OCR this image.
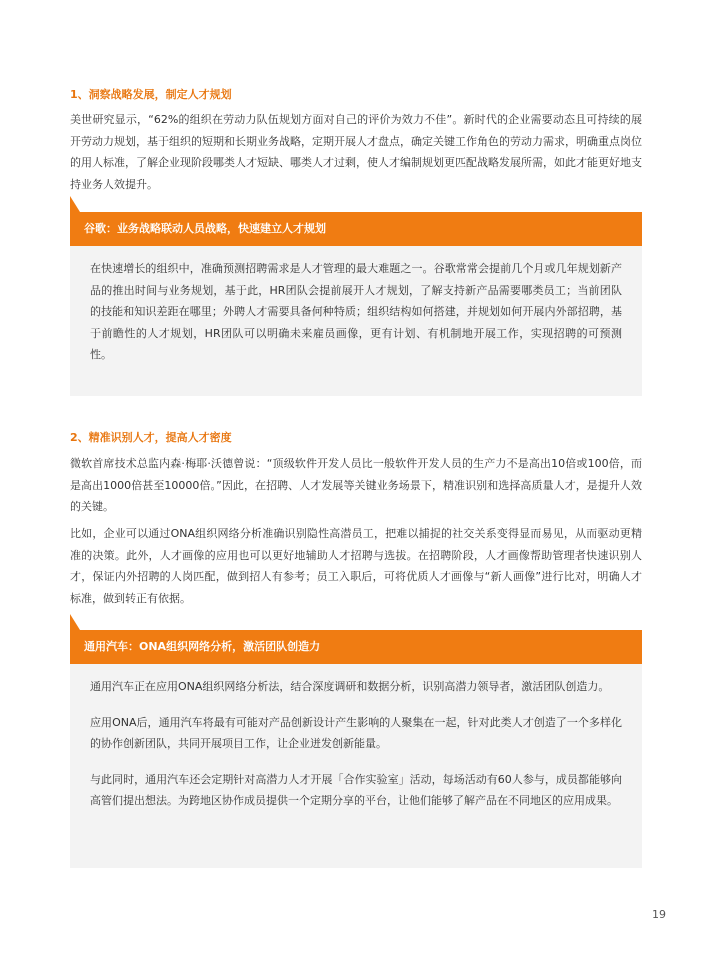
1、洞察战略发展，制定人才规划

美世研究显示，“62%的组织在劳动力队伍规划方面对自己的评价为效力不佳”。新时代的企业需要动态且可持续的展开劳动力规划，基于组织的短期和长期业务战略，定期开展人才盘点，确定关键工作角色的劳动力需求，明确重点岗位的用人标准，了解企业现阶段哪类人才短缺、哪类人才过剩，使人才编制规划更匹配战略发展所需，如此才能更好地支持业务人效提升。

谷歌：业务战略联动人员战略，快速建立人才规划

在快速增长的组织中，准确预测招聘需求是人才管理的最大难题之一。谷歌常常会提前几个月或几年规划新产品的推出时间与业务规划，基于此，HR团队会提前展开人才规划，了解支持新产品需要哪类员工；当前团队的技能和知识差距在哪里；外聘人才需要具备何种特质；组织结构如何搭建，并规划如何开展内外部招聘，基于前瞻性的人才规划，HR团队可以明确未来雇员画像，更有计划、有机制地开展工作，实现招聘的可预测性。

2、精准识别人才，提高人才密度

微软首席技术总监内森·梅耶·沃德曾说：“顶级软件开发人员比一般软件开发人员的生产力不是高出10倍或100倍，而是高出1000倍甚至10000倍。”因此，在招聘、人才发展等关键业务场景下，精准识别和选择高质量人才，是提升人效的关键。

比如，企业可以通过ONA组织网络分析准确识别隐性高潜员工，把难以捕捉的社交关系变得显而易见，从而驱动更精准的决策。此外，人才画像的应用也可以更好地辅助人才招聘与选拔。在招聘阶段，人才画像帮助管理者快速识别人才，保证内外招聘的人岗匹配，做到招人有参考；员工入职后，可将优质人才画像与“新人画像”进行比对，明确人才标准，做到转正有依据。

通用汽车：ONA组织网络分析，激活团队创造力

通用汽车正在应用ONA组织网络分析法，结合深度调研和数据分析，识别高潜力领导者，激活团队创造力。

应用ONA后，通用汽车将最有可能对产品创新设计产生影响的人聚集在一起，针对此类人才创造了一个多样化的协作创新团队，共同开展项目工作，让企业迸发创新能量。

与此同时，通用汽车还会定期针对高潜力人才开展「合作实验室」活动，每场活动有60人参与，成员都能够向高管们提出想法。为跨地区协作成员提供一个定期分享的平台，让他们能够了解产品在不同地区的应用成果。

19
